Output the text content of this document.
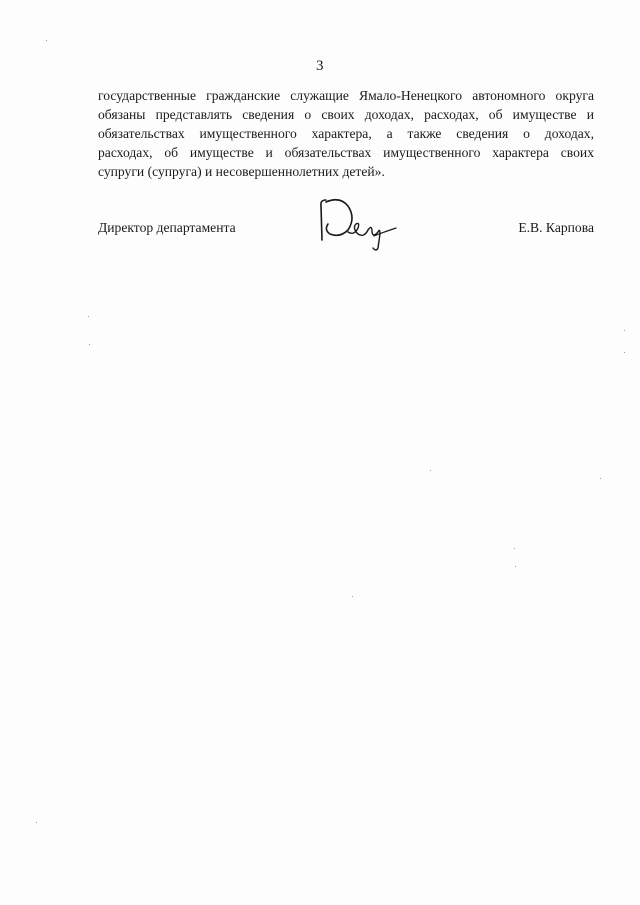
3
государственные гражданские служащие Ямало-Ненецкого автономного округа
обязаны представлять сведения о своих доходах, расходах, об имуществе и
обязательствах имущественного характера, а также сведения о доходах,
расходах, об имуществе и обязательствах имущественного характера своих
супруги (супруга) и несовершеннолетних детей».
Директор департамента	Е.В. Карпова
